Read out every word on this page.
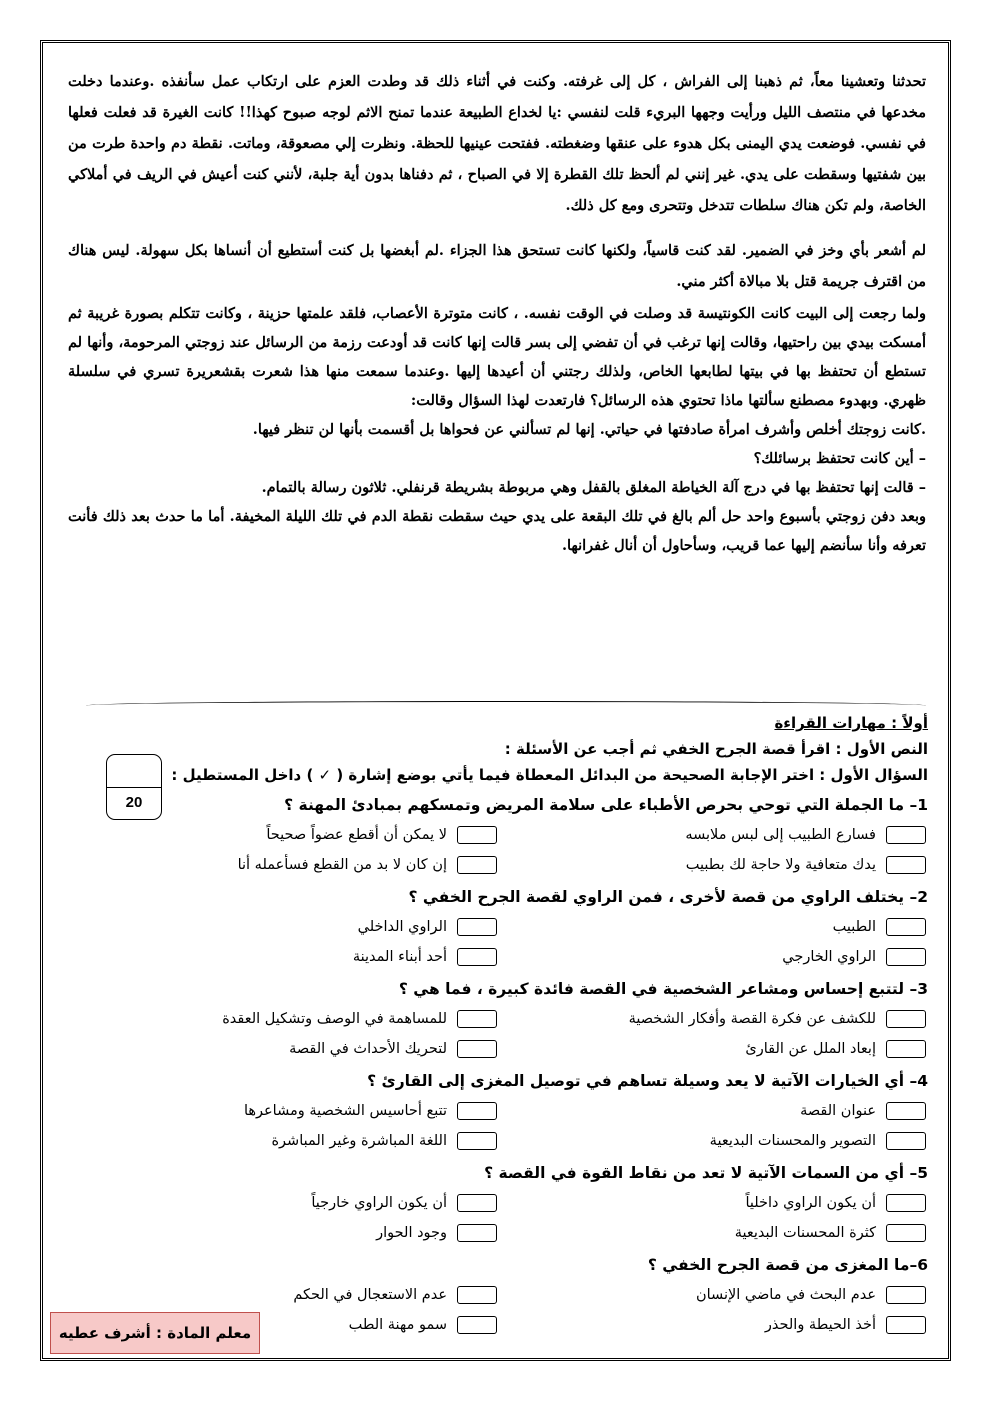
تحدثنا وتعشينا معاً، ثم ذهبنا إلى الفراش ، كل إلى غرفته. وكنت في أثناء ذلك قد وطدت العزم على ارتكاب عمل سأنفذه .وعندما دخلت مخدعها في منتصف الليل ورأيت وجهها البريء قلت لنفسي :يا لخداع الطبيعة عندما تمنح الاثم لوجه صبوح كهذا!! كانت الغيرة قد فعلت فعلها في نفسي. فوضعت يدي اليمنى بكل هدوء على عنقها وضغطته. ففتحت عينيها للحظة. ونظرت إلي مصعوقة، وماتت. نقطة دم واحدة طرت من بين شفتيها وسقطت على يدي. غير إنني لم ألحظ تلك القطرة إلا في الصباح ، ثم دفناها بدون أية جلبة، لأنني كنت أعيش في الريف في أملاكي الخاصة، ولم تكن هناك سلطات تتدخل وتتحرى ومع كل ذلك.

لم أشعر بأي وخز في الضمير. لقد كنت قاسياً، ولكنها كانت تستحق هذا الجزاء .لم أبغضها بل كنت أستطيع أن أنساها بكل سهولة. ليس هناك من اقترف جريمة قتل بلا مبالاة أكثر مني.

ولما رجعت إلى البيت كانت الكونتيسة قد وصلت في الوقت نفسه. ، كانت متوترة الأعصاب، فلقد علمتها حزينة ، وكانت تتكلم بصورة غريبة ثم أمسكت بيدي بين راحتيها، وقالت إنها ترغب في أن تفضي إلى بسر قالت إنها كانت قد أودعت رزمة من الرسائل عند زوجتي المرحومة، وأنها لم تستطع أن تحتفظ بها في بيتها لطابعها الخاص، ولذلك رجتني أن أعيدها إليها .وعندما سمعت منها هذا شعرت بقشعريرة تسري في سلسلة ظهري. وبهدوء مصطنع سألتها ماذا تحتوي هذه الرسائل؟ فارتعدت لهذا السؤال وقالت:

.كانت زوجتك أخلص وأشرف امرأة صادفتها في حياتي. إنها لم تسألني عن فحواها بل أقسمت بأنها لن تنظر فيها.

– أين كانت تحتفظ برسائلك؟

– قالت إنها تحتفظ بها في درج آلة الخياطة المغلق بالقفل وهي مربوطة بشريطة قرنفلي. ثلاثون رسالة بالتمام.

وبعد دفن زوجتي بأسبوع واحد حل ألم بالغ في تلك البقعة على يدي حيث سقطت نقطة الدم في تلك الليلة المخيفة. أما ما حدث بعد ذلك فأنت تعرفه وأنا سأنضم إليها عما قريب، وسأحاول أن أنال غفرانها.

20
أولاً : مهارات القراءة
النص الأول : اقرأ قصة الجرح الخفي ثم أجب عن الأسئلة :
السؤال الأول : اختر الإجابة الصحيحة من البدائل المعطاة فيما يأتي بوضع إشارة ( ✓ ) داخل المستطيل :
1– ما الجملة التي توحي بحرص الأطباء على سلامة المريض وتمسكهم بمبادئ المهنة ؟
فسارع الطبيب إلى لبس ملابسه
لا يمكن أن أقطع عضواً صحيحاً
يدك متعافية ولا حاجة لك بطبيب
إن كان لا بد من القطع فسأعمله أنا
2– يختلف الراوي من قصة لأخرى ، فمن الراوي لقصة الجرح الخفي ؟
الطبيب
الراوي الداخلي
الراوي الخارجي
أحد أبناء المدينة
3– لتتبع إحساس ومشاعر الشخصية في القصة فائدة كبيرة ، فما هي ؟
للكشف عن فكرة القصة وأفكار الشخصية
للمساهمة في الوصف وتشكيل العقدة
إبعاد الملل عن القارئ
لتحريك الأحداث في القصة
4– أي الخيارات الآتية لا يعد وسيلة تساهم في توصيل المغزى إلى القارئ ؟
عنوان القصة
تتبع أحاسيس الشخصية ومشاعرها
التصوير والمحسنات البديعية
اللغة المباشرة وغير المباشرة
5– أي من السمات الآتية لا تعد من نقاط القوة في القصة ؟
أن يكون الراوي داخلياً
أن يكون الراوي خارجياً
كثرة المحسنات البديعية
وجود الحوار
6–ما المغزى من قصة الجرح الخفي ؟
عدم البحث في ماضي الإنسان
عدم الاستعجال في الحكم
أخذ الحيطة والحذر
سمو مهنة الطب
معلم المادة : أشرف عطيه
